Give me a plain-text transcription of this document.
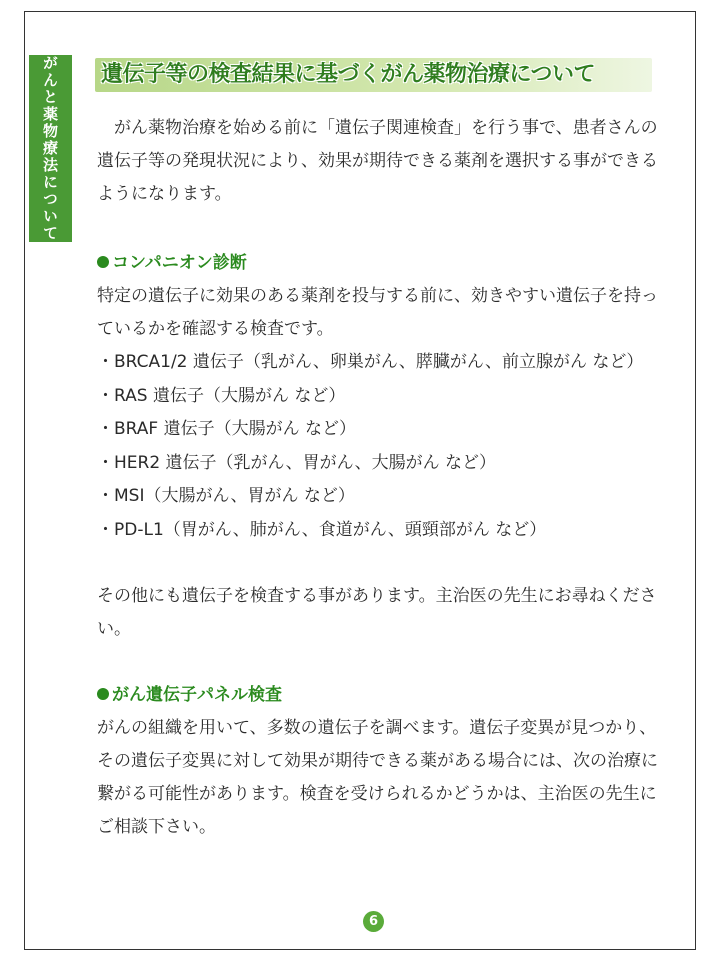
がんと薬物療法について 遺伝子等の検査結果に基づくがん薬物治療について
がん薬物治療を始める前に「遺伝子関連検査」を行う事で、患者さんの遺伝子等の発現状況により、効果が期待できる薬剤を選択する事ができるようになります。
コンパニオン診断
特定の遺伝子に効果のある薬剤を投与する前に、効きやすい遺伝子を持っているかを確認する検査です。
・BRCA1/2 遺伝子（乳がん、卵巣がん、膵臓がん、前立腺がん など）
・RAS 遺伝子（大腸がん など）
・BRAF 遺伝子（大腸がん など）
・HER2 遺伝子（乳がん、胃がん、大腸がん など）
・MSI（大腸がん、胃がん など）
・PD-L1（胃がん、肺がん、食道がん、頭頸部がん など）
その他にも遺伝子を検査する事があります。主治医の先生にお尋ねください。
がん遺伝子パネル検査
がんの組織を用いて、多数の遺伝子を調べます。遺伝子変異が見つかり、その遺伝子変異に対して効果が期待できる薬がある場合には、次の治療に繋がる可能性があります。検査を受けられるかどうかは、主治医の先生にご相談下さい。
6
